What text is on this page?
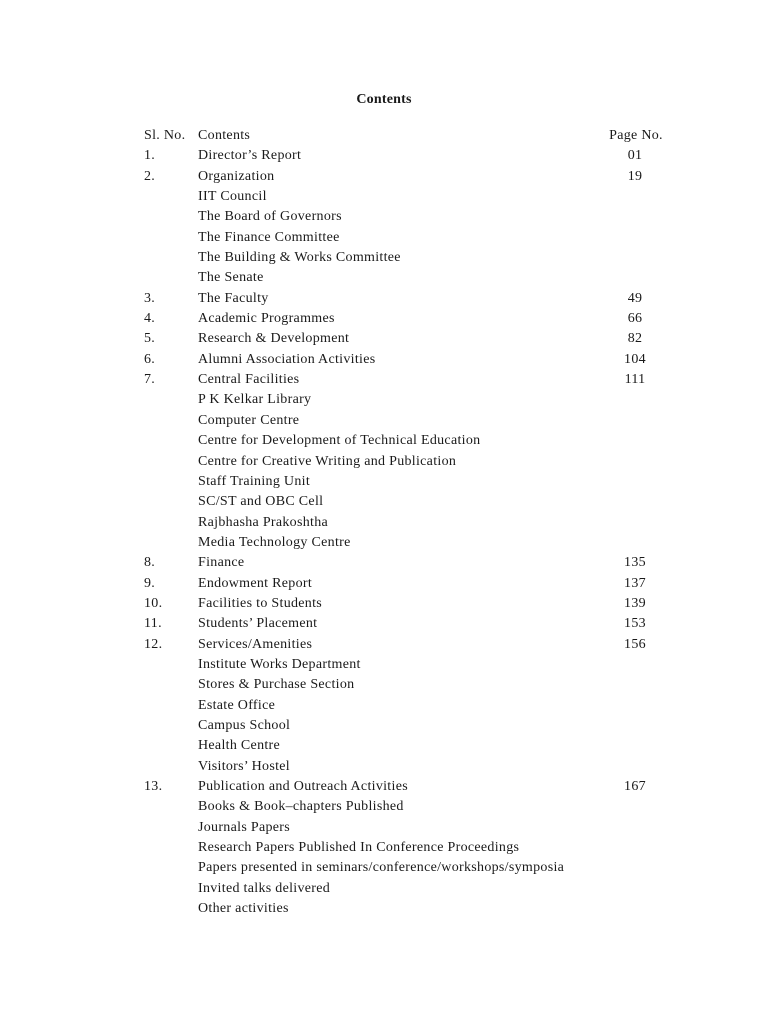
Contents
Sl. No. Contents	Page No.
1.	Director’s Report	01
2.	Organization	19
IIT Council
The Board of Governors
The Finance Committee
The Building & Works Committee
The Senate
3.	The Faculty	49
4.	Academic Programmes	66
5.	Research & Development	82
6.	Alumni Association Activities	104
7.	Central Facilities	111
P K Kelkar Library
Computer Centre
Centre for Development of Technical Education
Centre for Creative Writing and Publication
Staff Training Unit
SC/ST and OBC Cell
Rajbhasha Prakoshtha
Media Technology Centre
8.	Finance	135
9.	Endowment Report	137
10.	Facilities to Students	139
11.	Students’ Placement	153
12.	Services/Amenities	156
Institute Works Department
Stores & Purchase Section
Estate Office
Campus School
Health Centre
Visitors’ Hostel
13.	Publication and Outreach Activities	167
Books & Book–chapters Published
Journals Papers
Research Papers Published In Conference Proceedings
Papers presented in seminars/conference/workshops/symposia
Invited talks delivered
Other activities
